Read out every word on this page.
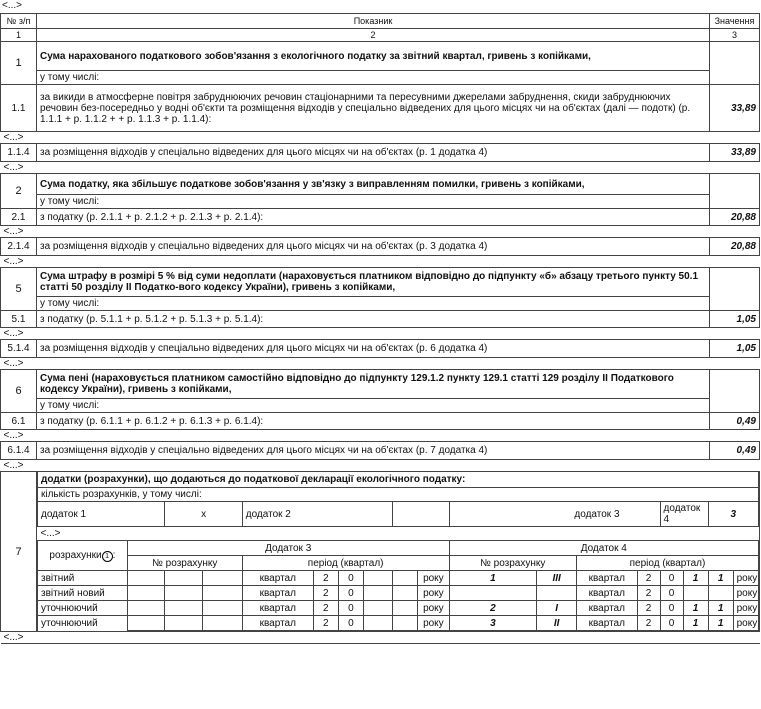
<...>
№ з/п	Показник	Значення
1	2	3
1	Сума нарахованого податкового зобов'язання з екологічного податку за звітний квартал, гривень з копійками,	
у тому числі:
1.1	за викиди в атмосферне повітря забруднюючих речовин стаціонарними та пересувними джерелами забруднення, скиди забруднюючих речовин без-посередньо у водні об'єкти та розміщення відходів у спеціально відведених для цього місцях чи на об'єктах (далі — подотк) (р. 1.1.1 + р. 1.1.2 + + р. 1.1.3 + р. 1.1.4):	33,89
<...>
1.1.4	за розміщення відходів у спеціально відведених для цього місцях чи на об'єктах (р. 1 додатка 4)	33,89
<...>
2	Сума податку, яка збільшує податкове зобов'язання у зв'язку з виправленням помилки, гривень з копійками,	
у тому числі:
2.1	з податку (р. 2.1.1 + р. 2.1.2 + р. 2.1.3 + р. 2.1.4):	20,88
<...>
2.1.4	за розміщення відходів у спеціально відведених для цього місцях чи на об'єктах (р. 3 додатка 4)	20,88
<...>
5	Сума штрафу в розмірі 5 % від суми недоплати (нараховується платником відповідно до підпункту «б» абзацу третього пункту 50.1 статті 50 розділу II Податко-вого кодексу України), гривень з копійками,	
у тому числі:
5.1	з податку (р. 5.1.1 + р. 5.1.2 + р. 5.1.3 + р. 5.1.4):	1,05
<...>
5.1.4	за розміщення відходів у спеціально відведених для цього місцях чи на об'єктах (р. 6 додатка 4)	1,05
<...>
6	Сума пені (нараховується платником самостійно відповідно до підпункту 129.1.2 пункту 129.1 статті 129 розділу II Податкового кодексу України), гривень з копійками,	
у тому числі:
6.1	з податку (р. 6.1.1 + р. 6.1.2 + р. 6.1.3 + р. 6.1.4):	0,49
<...>
6.1.4	за розміщення відходів у спеціально відведених для цього місцях чи на об'єктах (р. 7 додатка 4)	0,49
<...>
7	
додатки (розрахунки), що додаються до податкової декларації екологічного податку:
кількість розрахунків, у тому числі:
додаток 1	х	додаток 2		додаток 3	додаток 4	3
<...>
розрахунки 1 :	Додаток 3	Додаток 4
№ розрахунку	період (квартал)	№ розрахунку	період (квартал)
звітний				квартал	2	0			року	1	III	квартал	2	0	1	1	року
звітний новий				квартал	2	0			року			квартал	2	0			року
уточнюючий				квартал	2	0			року	2	I	квартал	2	0	1	1	року
уточнюючий				квартал	2	0			року	3	II	квартал	2	0	1	1	року

<...>
